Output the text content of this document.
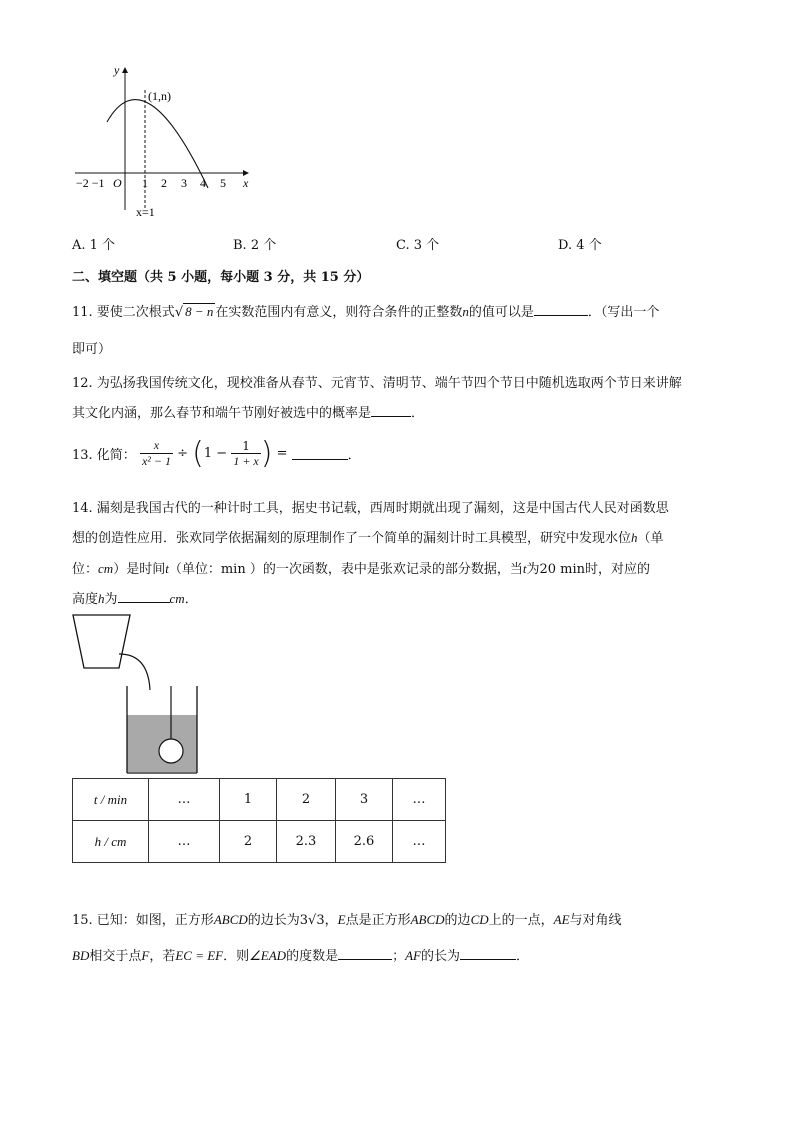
y
x
O
(1,n)
−2 −1	1 2 3 4 5
x=1
A. 1 个	B. 2 个	C. 3 个	D. 4 个
二、填空题（共 5 小题，每小题 3 分，共 15 分）
11. 要使二次根式√ 8 − n 在实数范围内有意义，则符合条件的正整数n的值可以是	．（写出一个
即可）
12. 为弘扬我国传统文化，现校准备从春节、元宵节、清明节、端午节四个节日中随机选取两个节日来讲解
其文化内涵，那么春节和端午节刚好被选中的概率是	．
13. 化简： $\frac{x}{\text{x² − 1}} \div (1 - \frac{1}{1 + x}$ ) =	．
14. 漏刻是我国古代的一种计时工具，据史书记载，西周时期就出现了漏刻，这是中国古代人民对函数思
想的创造性应用．张欢同学依据漏刻的原理制作了一个简单的漏刻计时工具模型，研究中发现水位h（单
位：cm）是时间t（单位：min ）的一次函数，表中是张欢记录的部分数据，当t为20 min时，对应的
高度h为	cm．
t / min	…	1	2	3	…
h / cm	…	2	2.3	2.6	…
15. 已知：如图，正方形ABCD的边长为3√3，E点是正方形ABCD的边CD上的一点，AE与对角线
BD相交于点F，若EC = EF．则∠EAD的度数是	；AF的长为	．
